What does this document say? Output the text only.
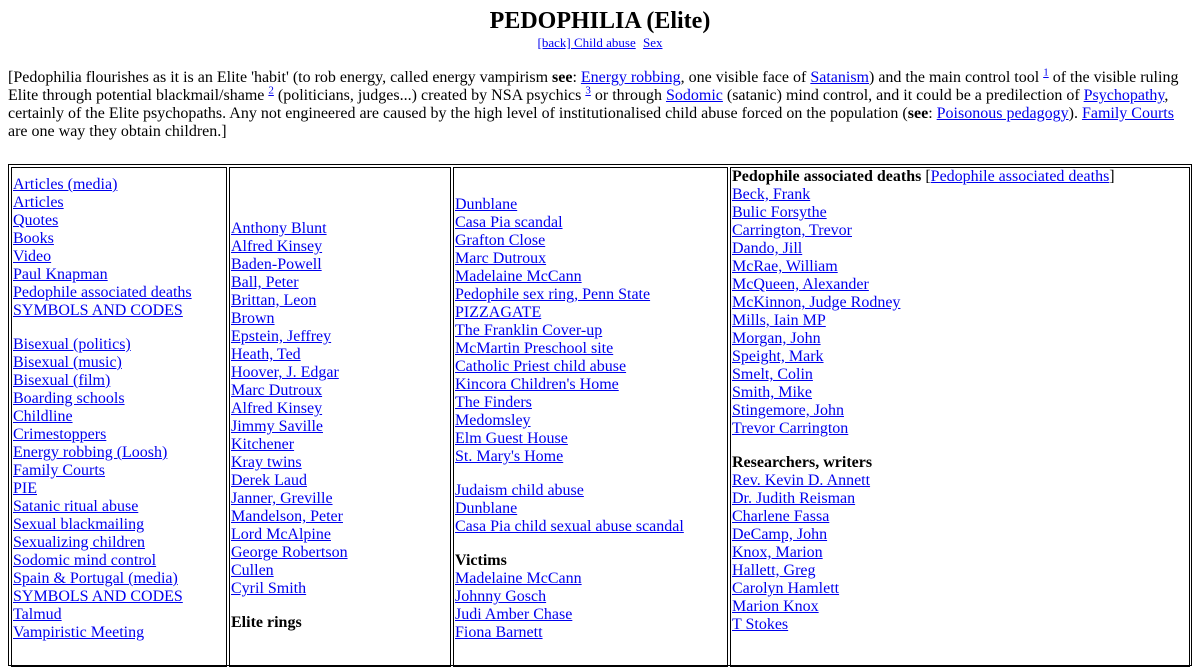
PEDOPHILIA (Elite)
[back] Child abuse Sex
[Pedophilia flourishes as it is an Elite 'habit' (to rob energy, called energy vampirism see: Energy robbing, one visible face of Satanism) and the main control tool $^1$ of the visible ruling Elite through potential blackmail/shame $^2$ (politicians, judges...) created by NSA psychics $^3$ or through Sodomic (satanic) mind control, and it could be a predilection of Psychopathy, certainly of the Elite psychopaths. Any not engineered are caused by the high level of institutionalised child abuse forced on the population (see: Poisonous pedagogy). Family Courts are one way they obtain children.]
Articles (media)
Articles
Quotes
Books
Video
Paul Knapman
Pedophile associated deaths
SYMBOLS AND CODES
Bisexual (politics)
Bisexual (music)
Bisexual (film)
Boarding schools
Childline
Crimestoppers
Energy robbing (Loosh)
Family Courts
PIE
Satanic ritual abuse
Sexual blackmailing
Sexualizing children
Sodomic mind control
Spain & Portugal (media)
SYMBOLS AND CODES
Talmud
Vampiristic Meeting
Anthony Blunt
Alfred Kinsey
Baden-Powell
Ball, Peter
Brittan, Leon
Brown
Epstein, Jeffrey
Heath, Ted
Hoover, J. Edgar
Marc Dutroux
Alfred Kinsey
Jimmy Saville
Kitchener
Kray twins
Derek Laud
Janner, Greville
Mandelson, Peter
Lord McAlpine
George Robertson
Cullen
Cyril Smith
Elite rings
Dunblane
Casa Pia scandal
Grafton Close
Marc Dutroux
Madelaine McCann
Pedophile sex ring, Penn State
PIZZAGATE
The Franklin Cover-up
McMartin Preschool site
Catholic Priest child abuse
Kincora Children's Home
The Finders
Medomsley
Elm Guest House
St. Mary's Home
Judaism child abuse
Dunblane
Casa Pia child sexual abuse scandal
Victims
Madelaine McCann
Johnny Gosch
Judi Amber Chase
Fiona Barnett
Pedophile associated deaths [Pedophile associated deaths]
Beck, Frank
Bulic Forsythe
Carrington, Trevor
Dando, Jill
McRae, William
McQueen, Alexander
McKinnon, Judge Rodney
Mills, Iain MP
Morgan, John
Speight, Mark
Smelt, Colin
Smith, Mike
Stingemore, John
Trevor Carrington
Researchers, writers
Rev. Kevin D. Annett
Dr. Judith Reisman
Charlene Fassa
DeCamp, John
Knox, Marion
Hallett, Greg
Carolyn Hamlett
Marion Knox
T Stokes
